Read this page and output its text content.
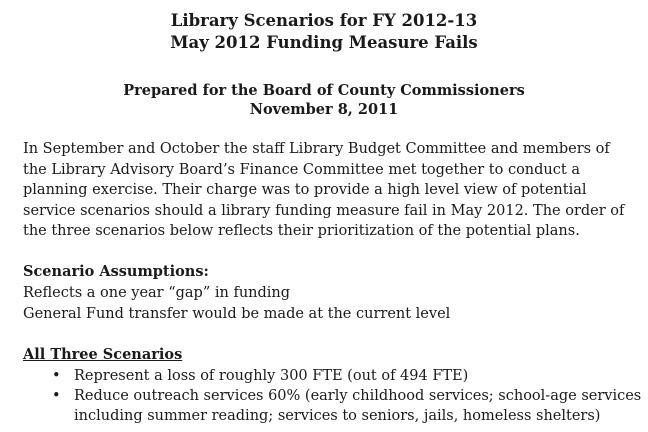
Library Scenarios for FY 2012-13
May 2012 Funding Measure Fails
Prepared for the Board of County Commissioners
November 8, 2011

In September and October the staff Library Budget Committee and members of
the Library Advisory Board’s Finance Committee met together to conduct a
planning exercise. Their charge was to provide a high level view of potential
service scenarios should a library funding measure fail in May 2012. The order of
the three scenarios below reflects their prioritization of the potential plans.

Scenario Assumptions:
Reflects a one year “gap” in funding
General Fund transfer would be made at the current level
All Three Scenarios
• Represent a loss of roughly 300 FTE (out of 494 FTE)
• Reduce outreach services 60% (early childhood services; school-age services
including summer reading; services to seniors, jails, homeless shelters)
